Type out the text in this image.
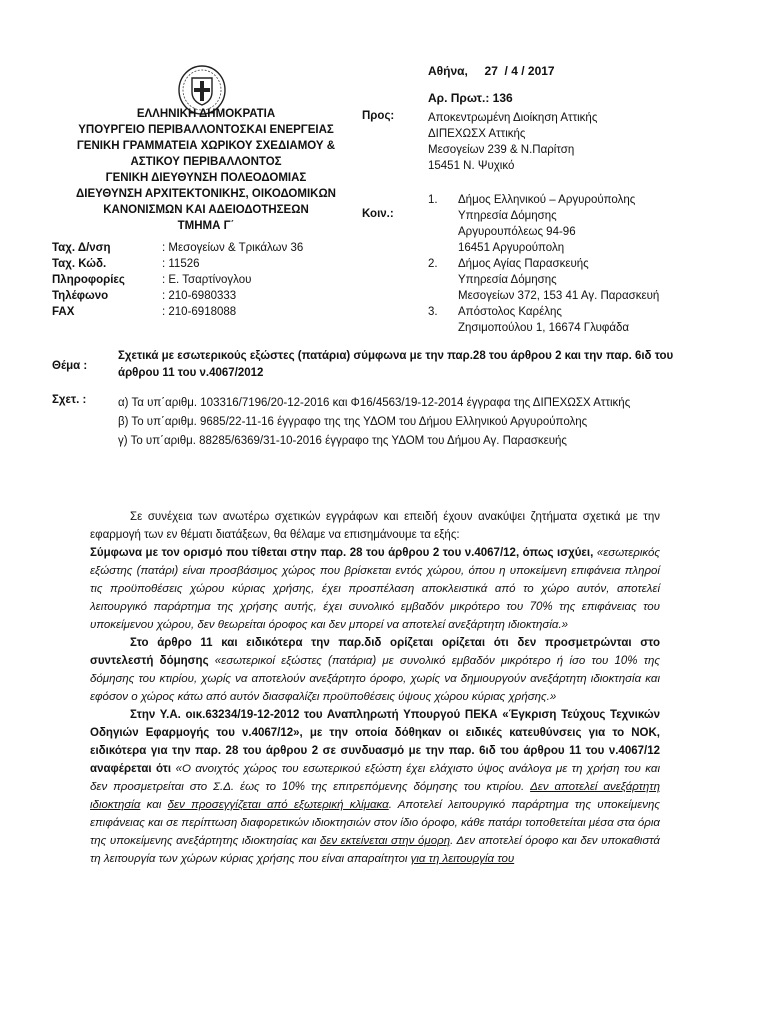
ΕΛΛΗΝΙΚΗ ΔΗΜΟΚΡΑΤΙΑ
ΥΠΟΥΡΓΕΙΟ ΠΕΡΙΒΑΛΛΟΝΤΟΣΚΑΙ ΕΝΕΡΓΕΙΑΣ
ΓΕΝΙΚΗ ΓΡΑΜΜΑΤΕΙΑ ΧΩΡΙΚΟΥ ΣΧΕΔΙΑΜΟΥ &
ΑΣΤΙΚΟΥ ΠΕΡΙΒΑΛΛΟΝΤΟΣ
ΓΕΝΙΚΗ ΔΙΕΥΘΥΝΣΗ ΠΟΛΕΟΔΟΜΙΑΣ
ΔΙΕΥΘΥΝΣΗ ΑΡΧΙΤΕΚΤΟΝΙΚΗΣ, ΟΙΚΟΔΟΜΙΚΩΝ
ΚΑΝΟΝΙΣΜΩΝ ΚΑΙ ΑΔΕΙΟΔΟΤΗΣΕΩΝ
ΤΜΗΜΑ Γ΄
Ταχ. Δ/νση	: Μεσογείων & Τρικάλων 36
Ταχ. Κώδ.	: 11526
Πληροφορίες	: Ε. Τσαρτίνογλου
Τηλέφωνο	: 210-6980333
FAX	: 210-6918088
Αθήνα,     27  / 4 / 2017
Αρ. Πρωτ.: 136
Προς:	Αποκεντρωμένη Διοίκηση Αττικής
ΔΙΠΕΧΩΣΧ Αττικής
Μεσογείων 239 & Ν.Παρίτση
15451 Ν. Ψυχικό
Κοιν.:
1.	Δήμος Ελληνικού – Αργυρούπολης
Υπηρεσία Δόμησης
Αργυρουπόλεως 94-96
16451 Αργυρούπολη
2.	Δήμος Αγίας Παρασκευής
Υπηρεσία Δόμησης
Μεσογείων 372, 153 41 Αγ. Παρασκευή
3.	Απόστολος Καρέλης
Ζησιμοπούλου 1, 16674 Γλυφάδα
Θέμα :
Σχετικά με εσωτερικούς εξώστες (πατάρια) σύμφωνα με την παρ.28 του άρθρου 2 και την παρ. 6ιδ του άρθρου 11 του ν.4067/2012
Σχετ. :	α) Τα υπ΄αριθμ. 103316/7196/20-12-2016 και Φ16/4563/19-12-2014 έγγραφα της ΔΙΠΕΧΩΣΧ Αττικής
β) Το υπ΄αριθμ. 9685/22-11-16 έγγραφο της της ΥΔΟΜ του Δήμου Ελληνικού Αργυρούπολης
γ) Το υπ΄αριθμ. 88285/6369/31-10-2016 έγγραφο της ΥΔΟΜ του Δήμου Αγ. Παρασκευής

Σε συνέχεια των ανωτέρω σχετικών εγγράφων και επειδή έχουν ανακύψει ζητήματα σχετικά με την εφαρμογή των εν θέματι διατάξεων, θα θέλαμε να επισημάνουμε τα εξής:

Σύμφωνα με τον ορισμό που τίθεται στην παρ. 28 του άρθρου 2 του ν.4067/12, όπως ισχύει, «εσωτερικός εξώστης (πατάρι) είναι προσβάσιμος χώρος που βρίσκεται εντός χώρου, όπου η υποκείμενη επιφάνεια πληροί τις προϋποθέσεις χώρου κύριας χρήσης, έχει προσπέλαση αποκλειστικά από το χώρο αυτόν, αποτελεί λειτουργικό παράρτημα της χρήσης αυτής, έχει συνολικό εμβαδόν μικρότερο του 70% της επιφάνειας του υποκείμενου χώρου, δεν θεωρείται όροφος και δεν μπορεί να αποτελεί ανεξάρτητη ιδιοκτησία.»

Στο άρθρο 11 και ειδικότερα την παρ.διδ ορίζεται ορίζεται ότι δεν προσμετρώνται στο συντελεστή δόμησης «εσωτερικοί εξώστες (πατάρια) με συνολικό εμβαδόν μικρότερο ή ίσο του 10% της δόμησης του κτιρίου, χωρίς να αποτελούν ανεξάρτητο όροφο, χωρίς να δημιουργούν ανεξάρτητη ιδιοκτησία και εφόσον ο χώρος κάτω από αυτόν διασφαλίζει προϋποθέσεις ύψους χώρου κύριας χρήσης.»

Στην Υ.Α. οικ.63234/19-12-2012 του Αναπληρωτή Υπουργού ΠΕΚΑ «Έγκριση Τεύχους Τεχνικών Οδηγιών Εφαρμογής του ν.4067/12», με την οποία δόθηκαν οι ειδικές κατευθύνσεις για το ΝΟΚ, ειδικότερα για την παρ. 28 του άρθρου 2 σε συνδυασμό με την παρ. 6ιδ του άρθρου 11 του ν.4067/12 αναφέρεται ότι «Ο ανοιχτός χώρος του εσωτερικού εξώστη έχει ελάχιστο ύψος ανάλογα με τη χρήση του και δεν προσμετρείται στο Σ.Δ. έως το 10% της επιτρεπόμενης δόμησης του κτιρίου. Δεν αποτελεί ανεξάρτητη ιδιοκτησία και δεν προσεγγίζεται από εξωτερική κλίμακα. Αποτελεί λειτουργικό παράρτημα της υποκείμενης επιφάνειας και σε περίπτωση διαφορετικών ιδιοκτησιών στον ίδιο όροφο, κάθε πατάρι τοποθετείται μέσα στα όρια της υποκείμενης ανεξάρτητης ιδιοκτησίας και δεν εκτείνεται στην όμορη. Δεν αποτελεί όροφο και δεν υποκαθιστά τη λειτουργία των χώρων κύριας χρήσης που είναι απαραίτητοι για τη λειτουργία του
